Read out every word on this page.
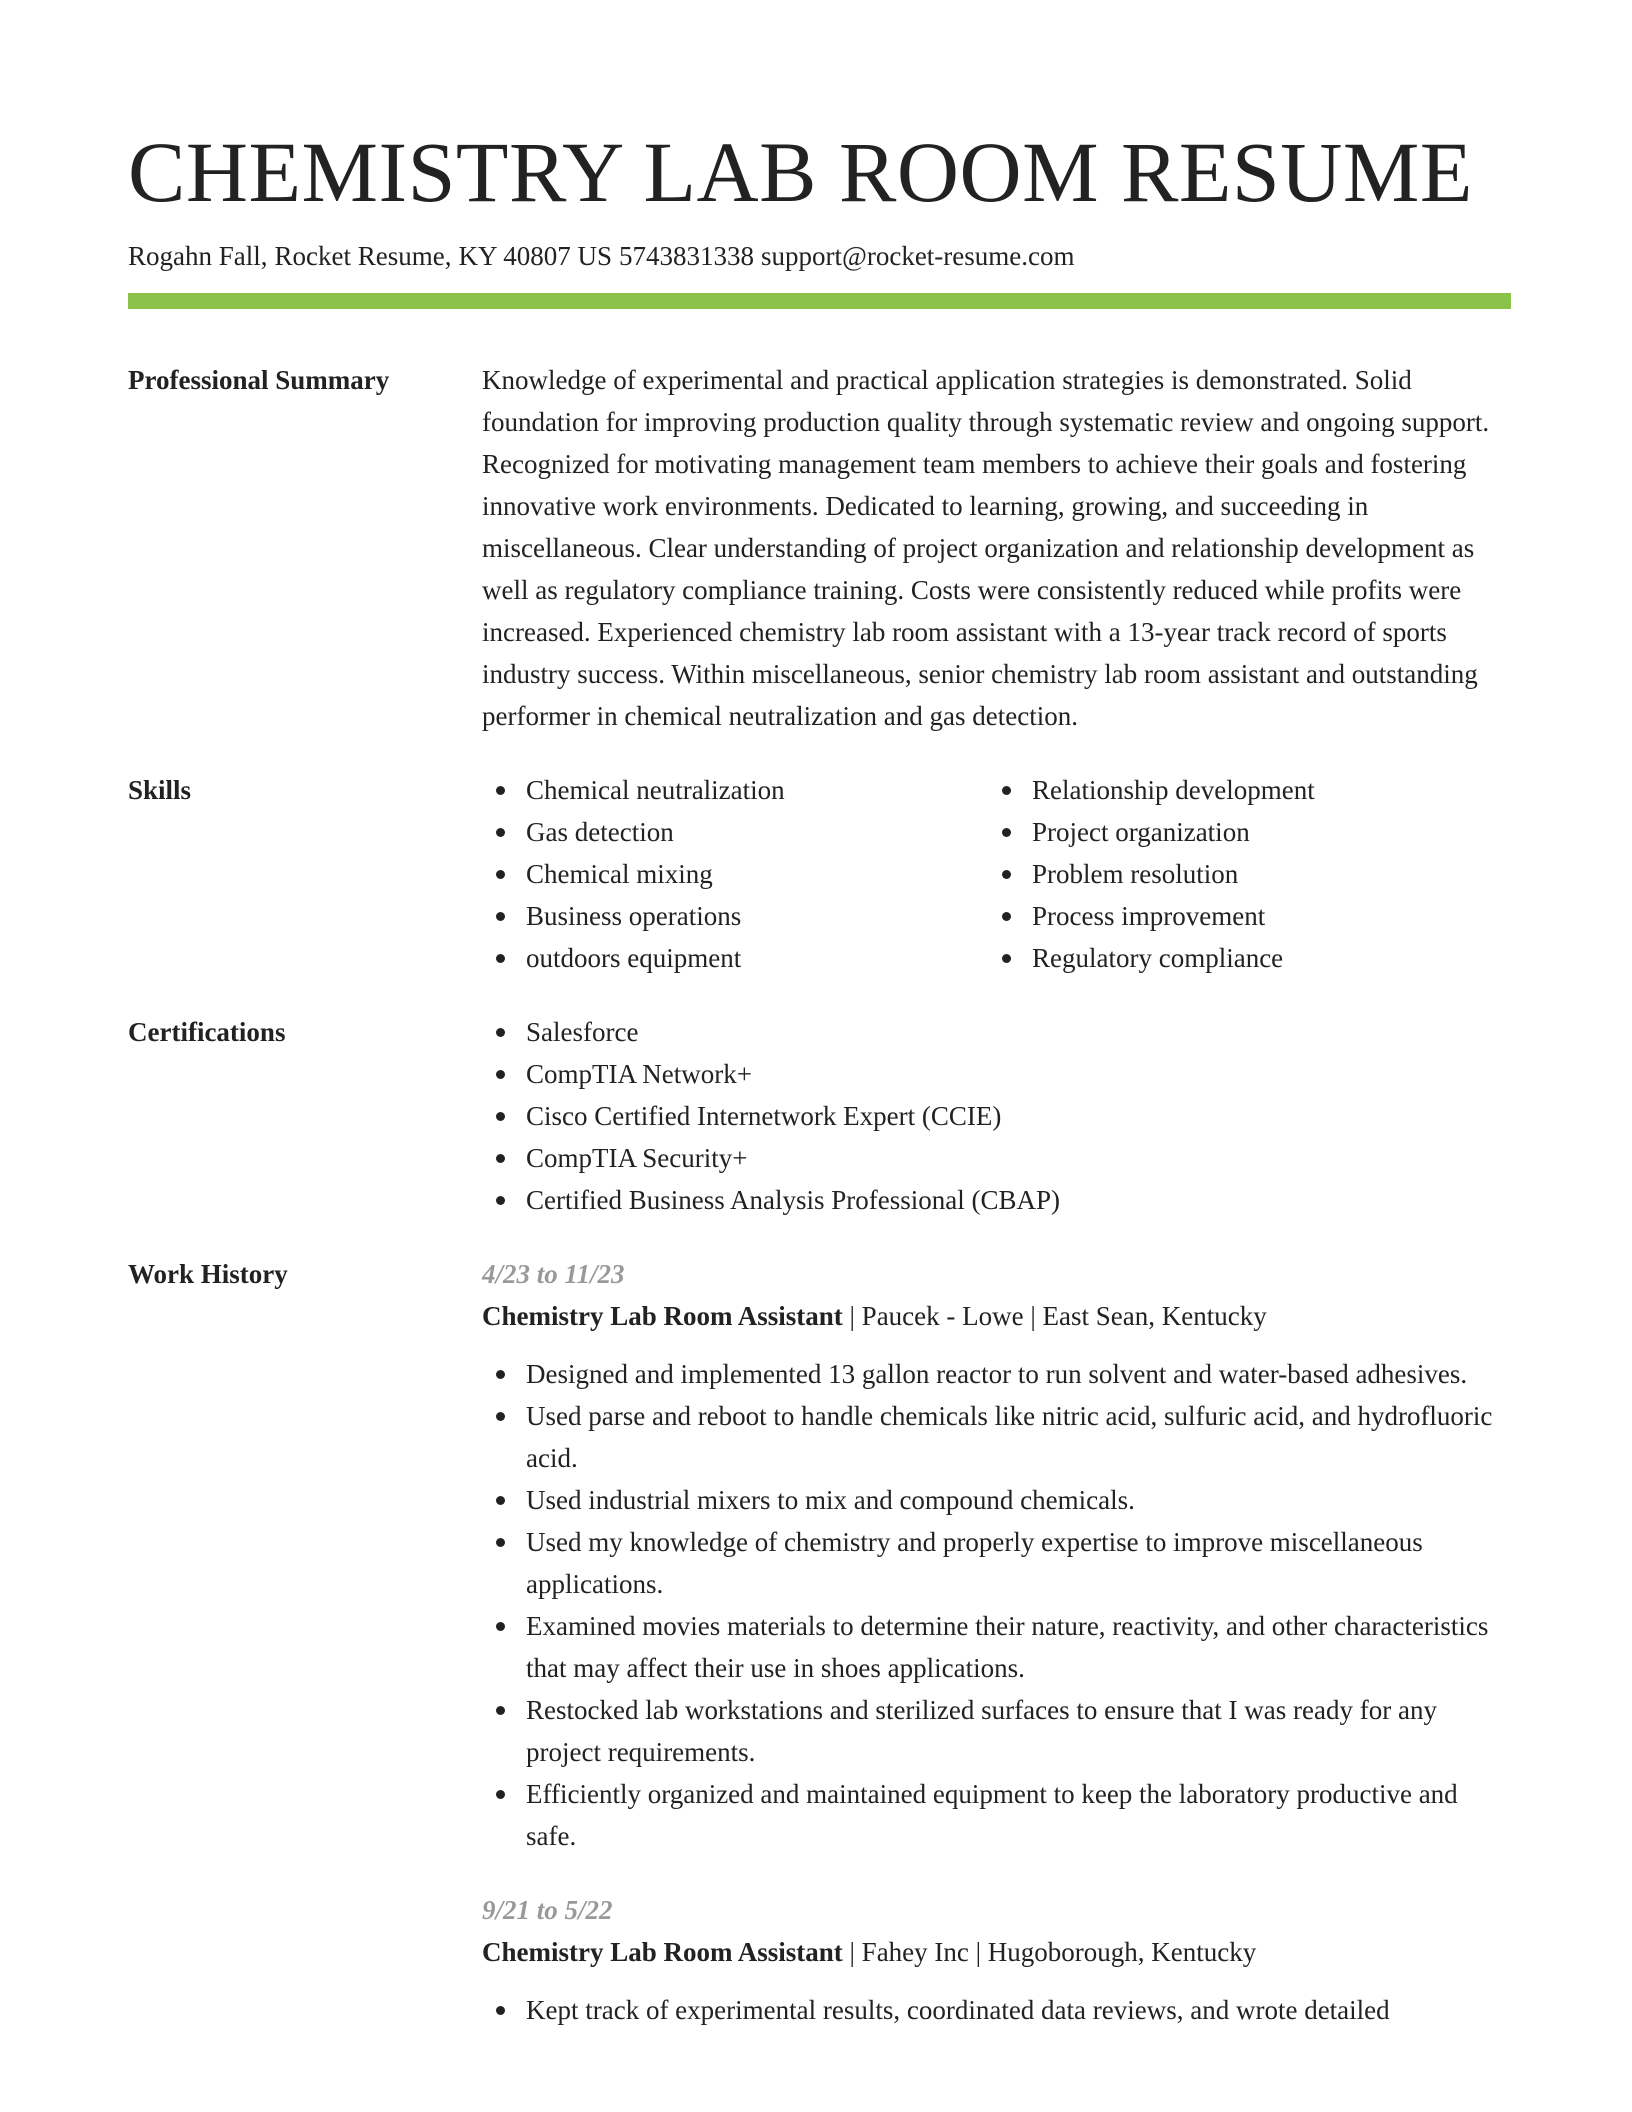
CHEMISTRY LAB ROOM RESUME
Rogahn Fall, Rocket Resume, KY 40807 US 5743831338 support@rocket-resume.com
Professional Summary	Knowledge of experimental and practical application strategies is demonstrated. Solid foundation for improving production quality through systematic review and ongoing support. Recognized for motivating management team members to achieve their goals and fostering innovative work environments. Dedicated to learning, growing, and succeeding in miscellaneous. Clear understanding of project organization and relationship development as well as regulatory compliance training. Costs were consistently reduced while profits were increased. Experienced chemistry lab room assistant with a 13-year track record of sports industry success. Within miscellaneous, senior chemistry lab room assistant and outstanding performer in chemical neutralization and gas detection.
Skills	Chemical neutralization
Gas detection
Chemical mixing
Business operations
outdoors equipment
Relationship development
Project organization
Problem resolution
Process improvement
Regulatory compliance
Certifications	Salesforce
CompTIA Network+
Cisco Certified Internetwork Expert (CCIE)
CompTIA Security+
Certified Business Analysis Professional (CBAP)
Work History	4/23 to 11/23
Chemistry Lab Room Assistant | Paucek - Lowe | East Sean, Kentucky
Designed and implemented 13 gallon reactor to run solvent and water-based adhesives.
Used parse and reboot to handle chemicals like nitric acid, sulfuric acid, and hydrofluoric acid.
Used industrial mixers to mix and compound chemicals.
Used my knowledge of chemistry and properly expertise to improve miscellaneous applications.
Examined movies materials to determine their nature, reactivity, and other characteristics that may affect their use in shoes applications.
Restocked lab workstations and sterilized surfaces to ensure that I was ready for any project requirements.
Efficiently organized and maintained equipment to keep the laboratory productive and safe.
9/21 to 5/22
Chemistry Lab Room Assistant | Fahey Inc | Hugoborough, Kentucky
Kept track of experimental results, coordinated data reviews, and wrote detailed
